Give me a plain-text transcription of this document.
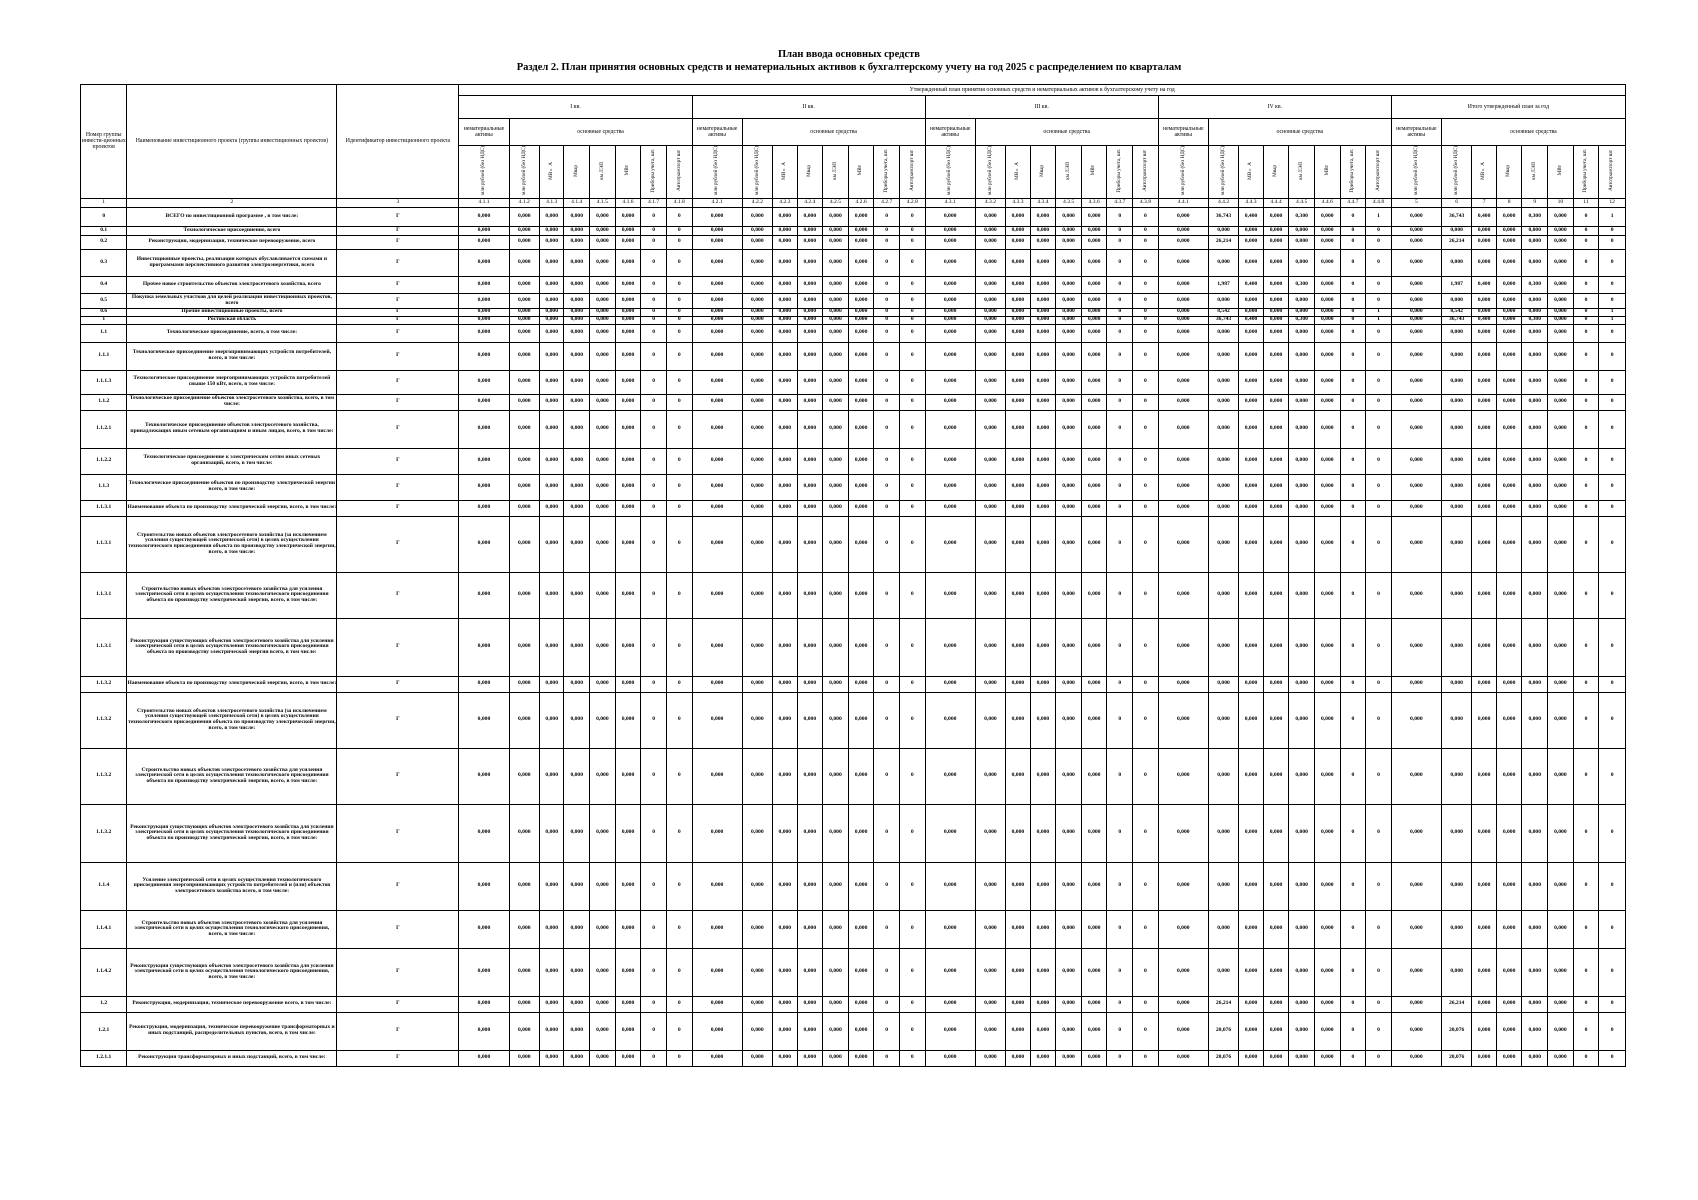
План ввода основных средств
Раздел 2. План принятия основных средств и нематериальных активов к бухгалтерскому учету на год 2025 с распределением по кварталам
Номер группы инвести-ционных проектов	Наименование инвестиционного проекта (группы инвестиционных проектов)	Идентификатор инвестиционного проекта	Утвержденный план принятия основных средств и нематериальных активов к бухгалтерскому учету на год																																							
			I кв.								II кв.								III кв.								IV кв.								Итого утвержденный план за год							
			нематериальные активы	основные средства							нематериальные активы	основные средства							нематериальные активы	основные средства							нематериальные активы	основные средства							нематериальные активы	основные средства						
			млн рублей (без НДС)	млн рублей (без НДС)	МВ×А	Мвар	км ЛЭП	МВт	Приборы учета, шт.	Автотранспорт шт	млн рублей (без НДС)	млн рублей (без НДС)	МВ×А	Мвар	км ЛЭП	МВт	Приборы учета, шт.	Автотранспорт шт	млн рублей (без НДС)	млн рублей (без НДС)	МВ×А	Мвар	км ЛЭП	МВт	Приборы учета, шт.	Автотранспорт шт	млн рублей (без НДС)	млн рублей (без НДС)	МВ×А	Мвар	км ЛЭП	МВт	Приборы учета, шт.	Автотранспорт шт	млн рублей (без НДС)	млн рублей (без НДС)	МВ×А	Мвар	км ЛЭП	МВт	Приборы учета, шт.	Автотранспорт шт
1	2	3	4.1.1	4.1.2	4.1.3	4.1.4	4.1.5	4.1.6	4.1.7	4.1.8	4.2.1	4.2.2	4.2.3	4.2.4	4.2.5	4.2.6	4.2.7	4.2.8	4.3.1	4.3.2	4.3.3	4.3.4	4.3.5	4.3.6	4.3.7	4.3.8	4.4.1	4.4.2	4.4.3	4.4.4	4.4.5	4.4.6	4.4.7	4.4.8	5	6	7	8	9	10	11	12
0	ВСЕГО по инвестиционной программе , в том числе:	Г	0,000	0,000	0,000	0,000	0,000	0,000	0	0	0,000	0,000	0,000	0,000	0,000	0,000	0	0	0,000	0,000	0,000	0,000	0,000	0,000	0	0	0,000	36,743	0,400	0,000	0,300	0,000	0	1	0,000	36,743	0,400	0,000	0,300	0,000	0	1
0.1	Технологическое присоединение, всего	Г	0,000	0,000	0,000	0,000	0,000	0,000	0	0	0,000	0,000	0,000	0,000	0,000	0,000	0	0	0,000	0,000	0,000	0,000	0,000	0,000	0	0	0,000	0,000	0,000	0,000	0,000	0,000	0	0	0,000	0,000	0,000	0,000	0,000	0,000	0	0
0.2	Реконструкция, модернизация, техническое перевооружение, всего	Г	0,000	0,000	0,000	0,000	0,000	0,000	0	0	0,000	0,000	0,000	0,000	0,000	0,000	0	0	0,000	0,000	0,000	0,000	0,000	0,000	0	0	0,000	26,214	0,000	0,000	0,000	0,000	0	0	0,000	26,214	0,000	0,000	0,000	0,000	0	0
0.3	Инвестиционные проекты, реализация которых обуславливается схемами и программами перспективного развития электроэнергетики, всего	Г	0,000	0,000	0,000	0,000	0,000	0,000	0	0	0,000	0,000	0,000	0,000	0,000	0,000	0	0	0,000	0,000	0,000	0,000	0,000	0,000	0	0	0,000	0,000	0,000	0,000	0,000	0,000	0	0	0,000	0,000	0,000	0,000	0,000	0,000	0	0
0.4	Прочее новое строительство объектов электросетевого хозяйства, всего	Г	0,000	0,000	0,000	0,000	0,000	0,000	0	0	0,000	0,000	0,000	0,000	0,000	0,000	0	0	0,000	0,000	0,000	0,000	0,000	0,000	0	0	0,000	1,987	0,400	0,000	0,300	0,000	0	0	0,000	1,987	0,400	0,000	0,300	0,000	0	0
0.5	Покупка земельных участков для целей реализации инвестиционных проектов, всего	Г	0,000	0,000	0,000	0,000	0,000	0,000	0	0	0,000	0,000	0,000	0,000	0,000	0,000	0	0	0,000	0,000	0,000	0,000	0,000	0,000	0	0	0,000	0,000	0,000	0,000	0,000	0,000	0	0	0,000	0,000	0,000	0,000	0,000	0,000	0	0
0.6	Прочие инвестиционные проекты, всего	Г	0,000	0,000	0,000	0,000	0,000	0,000	0	0	0,000	0,000	0,000	0,000	0,000	0,000	0	0	0,000	0,000	0,000	0,000	0,000	0,000	0	0	0,000	8,542	0,000	0,000	0,000	0,000	0	1	0,000	8,542	0,000	0,000	0,000	0,000	0	1
1	Ростовская область	Г	0,000	0,000	0,000	0,000	0,000	0,000	0	0	0,000	0,000	0,000	0,000	0,000	0,000	0	0	0,000	0,000	0,000	0,000	0,000	0,000	0	0	0,000	36,743	0,400	0,000	0,300	0,000	0	1	0,000	36,743	0,400	0,000	0,300	0,000	0	1
1.1	Технологическое присоединение, всего, в том числе:	Г	0,000	0,000	0,000	0,000	0,000	0,000	0	0	0,000	0,000	0,000	0,000	0,000	0,000	0	0	0,000	0,000	0,000	0,000	0,000	0,000	0	0	0,000	0,000	0,000	0,000	0,000	0,000	0	0	0,000	0,000	0,000	0,000	0,000	0,000	0	0
1.1.1	Технологическое присоединение энергопринимающих устройств потребителей, всего, в том числе:	Г	0,000	0,000	0,000	0,000	0,000	0,000	0	0	0,000	0,000	0,000	0,000	0,000	0,000	0	0	0,000	0,000	0,000	0,000	0,000	0,000	0	0	0,000	0,000	0,000	0,000	0,000	0,000	0	0	0,000	0,000	0,000	0,000	0,000	0,000	0	0
1.1.1.3	Технологическое присоединение энергопринимающих устройств потребителей свыше 150 кВт, всего, в том числе:	Г	0,000	0,000	0,000	0,000	0,000	0,000	0	0	0,000	0,000	0,000	0,000	0,000	0,000	0	0	0,000	0,000	0,000	0,000	0,000	0,000	0	0	0,000	0,000	0,000	0,000	0,000	0,000	0	0	0,000	0,000	0,000	0,000	0,000	0,000	0	0
1.1.2	Технологическое присоединение объектов электросетевого хозяйства, всего, в том числе:	Г	0,000	0,000	0,000	0,000	0,000	0,000	0	0	0,000	0,000	0,000	0,000	0,000	0,000	0	0	0,000	0,000	0,000	0,000	0,000	0,000	0	0	0,000	0,000	0,000	0,000	0,000	0,000	0	0	0,000	0,000	0,000	0,000	0,000	0,000	0	0
1.1.2.1	Технологическое присоединение объектов электросетевого хозяйства, принадлежащих иным сетевым организациям и иным лицам, всего, в том числе:	Г	0,000	0,000	0,000	0,000	0,000	0,000	0	0	0,000	0,000	0,000	0,000	0,000	0,000	0	0	0,000	0,000	0,000	0,000	0,000	0,000	0	0	0,000	0,000	0,000	0,000	0,000	0,000	0	0	0,000	0,000	0,000	0,000	0,000	0,000	0	0
1.1.2.2	Технологическое присоединение к электрическим сетям иных сетевых организаций, всего, в том числе:	Г	0,000	0,000	0,000	0,000	0,000	0,000	0	0	0,000	0,000	0,000	0,000	0,000	0,000	0	0	0,000	0,000	0,000	0,000	0,000	0,000	0	0	0,000	0,000	0,000	0,000	0,000	0,000	0	0	0,000	0,000	0,000	0,000	0,000	0,000	0	0
1.1.3	Технологическое присоединение объектов по производству электрической энергии всего, в том числе:	Г	0,000	0,000	0,000	0,000	0,000	0,000	0	0	0,000	0,000	0,000	0,000	0,000	0,000	0	0	0,000	0,000	0,000	0,000	0,000	0,000	0	0	0,000	0,000	0,000	0,000	0,000	0,000	0	0	0,000	0,000	0,000	0,000	0,000	0,000	0	0
1.1.3.1	Наименование объекта по производству электрической энергии, всего, в том числе:	Г	0,000	0,000	0,000	0,000	0,000	0,000	0	0	0,000	0,000	0,000	0,000	0,000	0,000	0	0	0,000	0,000	0,000	0,000	0,000	0,000	0	0	0,000	0,000	0,000	0,000	0,000	0,000	0	0	0,000	0,000	0,000	0,000	0,000	0,000	0	0
1.1.3.1	Строительство новых объектов электросетевого хозяйства (за исключением усиления существующей электрической сети) в целях осуществления технологического присоединения объекта по производству электрической энергии, всего, в том числе:	Г	0,000	0,000	0,000	0,000	0,000	0,000	0	0	0,000	0,000	0,000	0,000	0,000	0,000	0	0	0,000	0,000	0,000	0,000	0,000	0,000	0	0	0,000	0,000	0,000	0,000	0,000	0,000	0	0	0,000	0,000	0,000	0,000	0,000	0,000	0	0
1.1.3.1	Строительство новых объектов электросетевого хозяйства для усиления электрической сети в целях осуществления технологического присоединения объекта по производству электрической энергии, всего, в том числе:	Г	0,000	0,000	0,000	0,000	0,000	0,000	0	0	0,000	0,000	0,000	0,000	0,000	0,000	0	0	0,000	0,000	0,000	0,000	0,000	0,000	0	0	0,000	0,000	0,000	0,000	0,000	0,000	0	0	0,000	0,000	0,000	0,000	0,000	0,000	0	0
1.1.3.1	Реконструкция существующих объектов электросетевого хозяйства для усиления электрической сети в целях осуществления технологического присоединения объекта по производству электрической энергии всего, в том числе:	Г	0,000	0,000	0,000	0,000	0,000	0,000	0	0	0,000	0,000	0,000	0,000	0,000	0,000	0	0	0,000	0,000	0,000	0,000	0,000	0,000	0	0	0,000	0,000	0,000	0,000	0,000	0,000	0	0	0,000	0,000	0,000	0,000	0,000	0,000	0	0
1.1.3.2	Наименование объекта по производству электрической энергии, всего, в том числе:	Г	0,000	0,000	0,000	0,000	0,000	0,000	0	0	0,000	0,000	0,000	0,000	0,000	0,000	0	0	0,000	0,000	0,000	0,000	0,000	0,000	0	0	0,000	0,000	0,000	0,000	0,000	0,000	0	0	0,000	0,000	0,000	0,000	0,000	0,000	0	0
1.1.3.2	Строительство новых объектов электросетевого хозяйства (за исключением усиления существующей электрической сети) в целях осуществления технологического присоединения объекта по производству электрической энергии, всего, в том числе:	Г	0,000	0,000	0,000	0,000	0,000	0,000	0	0	0,000	0,000	0,000	0,000	0,000	0,000	0	0	0,000	0,000	0,000	0,000	0,000	0,000	0	0	0,000	0,000	0,000	0,000	0,000	0,000	0	0	0,000	0,000	0,000	0,000	0,000	0,000	0	0
1.1.3.2	Строительство новых объектов электросетевого хозяйства для усиления электрической сети в целях осуществления технологического присоединения объекта по производству электрической энергии, всего, в том числе:	Г	0,000	0,000	0,000	0,000	0,000	0,000	0	0	0,000	0,000	0,000	0,000	0,000	0,000	0	0	0,000	0,000	0,000	0,000	0,000	0,000	0	0	0,000	0,000	0,000	0,000	0,000	0,000	0	0	0,000	0,000	0,000	0,000	0,000	0,000	0	0
1.1.3.2	Реконструкция существующих объектов электросетевого хозяйства для усиления электрической сети в целях осуществления технологического присоединения объекта по производству электрической энергии, всего, в том числе:	Г	0,000	0,000	0,000	0,000	0,000	0,000	0	0	0,000	0,000	0,000	0,000	0,000	0,000	0	0	0,000	0,000	0,000	0,000	0,000	0,000	0	0	0,000	0,000	0,000	0,000	0,000	0,000	0	0	0,000	0,000	0,000	0,000	0,000	0,000	0	0
1.1.4	Усиление электрической сети в целях осуществления технологического присоединения энергопринимающих устройств потребителей и (или) объектов электросетевого хозяйства всего, в том числе:	Г	0,000	0,000	0,000	0,000	0,000	0,000	0	0	0,000	0,000	0,000	0,000	0,000	0,000	0	0	0,000	0,000	0,000	0,000	0,000	0,000	0	0	0,000	0,000	0,000	0,000	0,000	0,000	0	0	0,000	0,000	0,000	0,000	0,000	0,000	0	0
1.1.4.1	Строительство новых объектов электросетевого хозяйства для усиления электрической сети в целях осуществления технологического присоединения, всего, в том числе:	Г	0,000	0,000	0,000	0,000	0,000	0,000	0	0	0,000	0,000	0,000	0,000	0,000	0,000	0	0	0,000	0,000	0,000	0,000	0,000	0,000	0	0	0,000	0,000	0,000	0,000	0,000	0,000	0	0	0,000	0,000	0,000	0,000	0,000	0,000	0	0
1.1.4.2	Реконструкция существующих объектов электросетевого хозяйства для усиления электрической сети в целях осуществления технологического присоединения, всего, в том числе:	Г	0,000	0,000	0,000	0,000	0,000	0,000	0	0	0,000	0,000	0,000	0,000	0,000	0,000	0	0	0,000	0,000	0,000	0,000	0,000	0,000	0	0	0,000	0,000	0,000	0,000	0,000	0,000	0	0	0,000	0,000	0,000	0,000	0,000	0,000	0	0
1.2	Реконструкция, модернизация, техническое перевооружение всего, в том числе:	Г	0,000	0,000	0,000	0,000	0,000	0,000	0	0	0,000	0,000	0,000	0,000	0,000	0,000	0	0	0,000	0,000	0,000	0,000	0,000	0,000	0	0	0,000	26,214	0,000	0,000	0,000	0,000	0	0	0,000	26,214	0,000	0,000	0,000	0,000	0	0
1.2.1	Реконструкция, модернизация, техническое перевооружение трансформаторных и иных подстанций, распределительных пунктов, всего, в том числе:	Г	0,000	0,000	0,000	0,000	0,000	0,000	0	0	0,000	0,000	0,000	0,000	0,000	0,000	0	0	0,000	0,000	0,000	0,000	0,000	0,000	0	0	0,000	20,076	0,000	0,000	0,000	0,000	0	0	0,000	20,076	0,000	0,000	0,000	0,000	0	0
1.2.1.1	Реконструкция трансформаторных и иных подстанций, всего, в том числе:	Г	0,000	0,000	0,000	0,000	0,000	0,000	0	0	0,000	0,000	0,000	0,000	0,000	0,000	0	0	0,000	0,000	0,000	0,000	0,000	0,000	0	0	0,000	20,076	0,000	0,000	0,000	0,000	0	0	0,000	20,076	0,000	0,000	0,000	0,000	0	0
